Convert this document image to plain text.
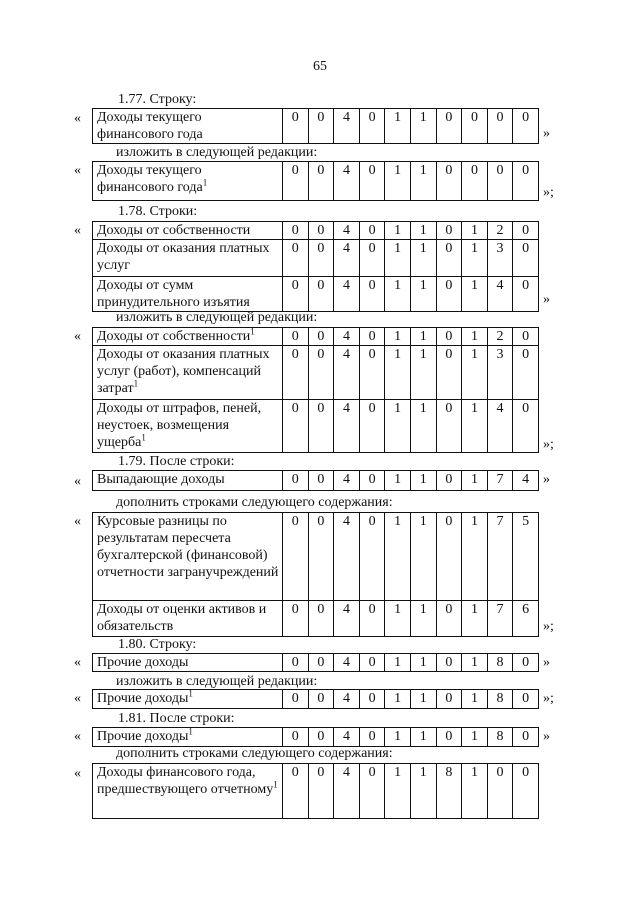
65
1.77. Строку:
« Доходы текущего финансового года	0	0	4	0	1	1	0	0	0	0
»
изложить в следующей редакции:
« Доходы текущего финансового года$^1$	0	0	4	0	1	1	0	0	0	0
»;
1.78. Строки:
« Доходы от собственности	0	0	4	0	1	1	0	1	2	0
Доходы от оказания платных услуг	0	0	4	0	1	1	0	1	3	0
Доходы от сумм принудительного изъятия	0	0	4	0	1	1	0	1	4	0
»
изложить в следующей редакции:
« Доходы от собственности$^1$	0	0	4	0	1	1	0	1	2	0
Доходы от оказания платных услуг (работ), компенсаций затрат$^1$	0	0	4	0	1	1	0	1	3	0
Доходы от штрафов, пеней, неустоек, возмещения ущерба$^1$	0	0	4	0	1	1	0	1	4	0
»;
1.79. После строки:
« Выпадающие доходы	0	0	4	0	1	1	0	1	7	4 »
дополнить строками следующего содержания:
« Курсовые разницы по результатам пересчета бухгалтерской (финансовой) отчетности загранучреждений	0	0	4	0	1	1	0	1	7	5
Доходы от оценки активов и обязательств	0	0	4	0	1	1	0	1	7	6
»;
1.80. Строку:
« Прочие доходы	0	0	4	0	1	1	0	1	8	0 »
изложить в следующей редакции:
« Прочие доходы$^1$	0	0	4	0	1	1	0	1	8	0 »;
1.81. После строки:
« Прочие доходы$^1$	0	0	4	0	1	1	0	1	8	0 »
дополнить строками следующего содержания:
« Доходы финансового года, предшествующего отчетному$^1$	0	0	4	0	1	1	8	1	0	0
